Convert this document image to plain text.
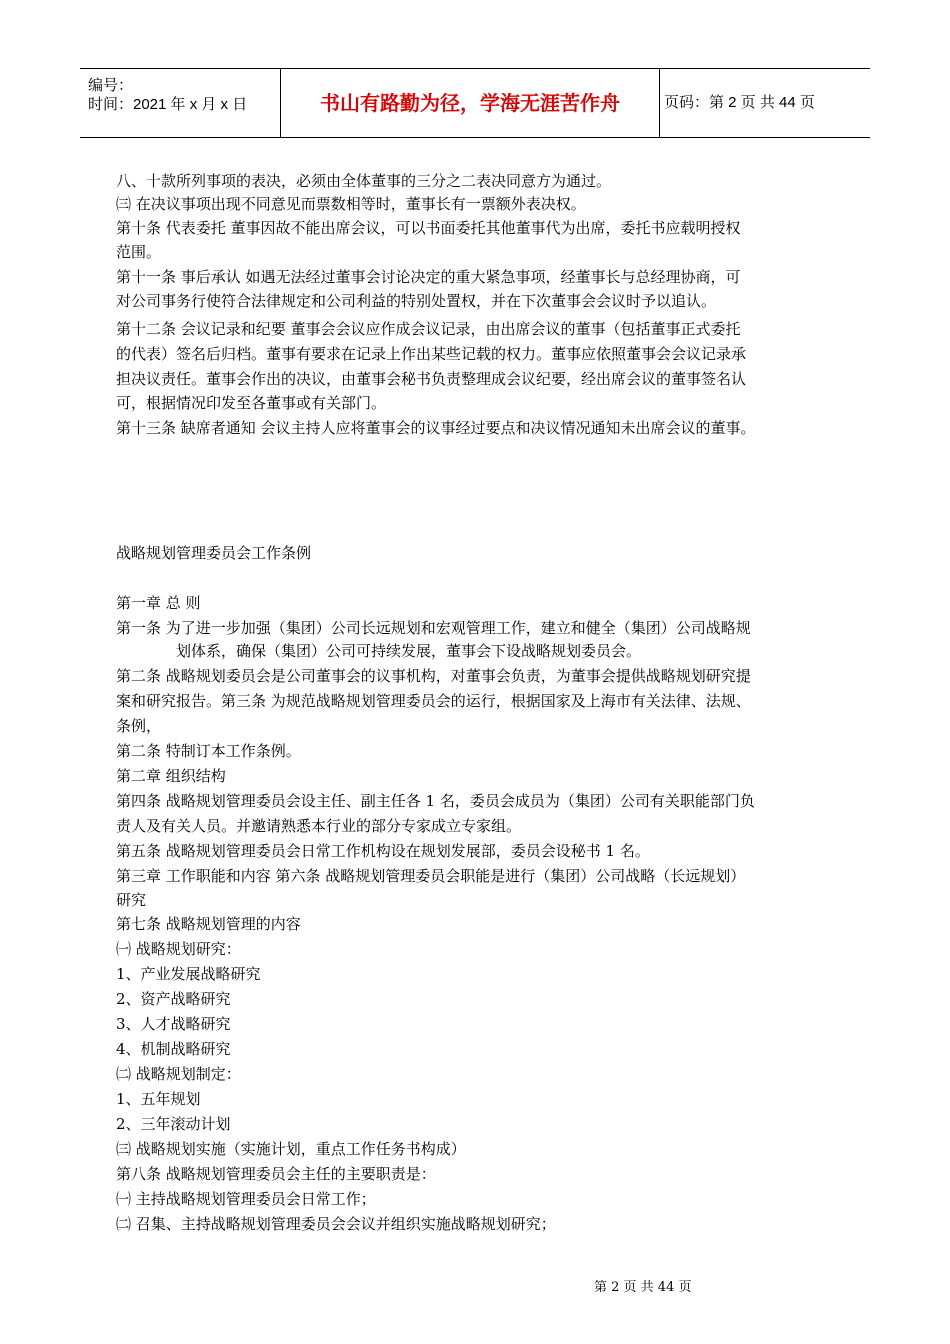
编号：
时间：2021 年 x 月 x 日	书山有路勤为径，学海无涯苦作舟	页码：第 2 页 共 44 页
八、十款所列事项的表决，必须由全体董事的三分之二表决同意方为通过。
㈢ 在决议事项出现不同意见而票数相等时，董事长有一票额外表决权。
第十条 代表委托 董事因故不能出席会议，可以书面委托其他董事代为出席，委托书应载明授权
范围。
第十一条 事后承认 如遇无法经过董事会讨论决定的重大紧急事项，经董事长与总经理协商，可
对公司事务行使符合法律规定和公司利益的特别处置权，并在下次董事会会议时予以追认。
第十二条 会议记录和纪要 董事会会议应作成会议记录，由出席会议的董事（包括董事正式委托
的代表）签名后归档。董事有要求在记录上作出某些记载的权力。董事应依照董事会会议记录承
担决议责任。董事会作出的决议，由董事会秘书负责整理成会议纪要，经出席会议的董事签名认
可，根据情况印发至各董事或有关部门。
第十三条 缺席者通知 会议主持人应将董事会的议事经过要点和决议情况通知未出席会议的董事。
战略规划管理委员会工作条例
第一章 总 则
第一条 为了进一步加强（集团）公司长远规划和宏观管理工作，建立和健全（集团）公司战略规
划体系，确保（集团）公司可持续发展，董事会下设战略规划委员会。
第二条 战略规划委员会是公司董事会的议事机构，对董事会负责，为董事会提供战略规划研究提
案和研究报告。第三条 为规范战略规划管理委员会的运行，根据国家及上海市有关法律、法规、
条例，
第二条 特制订本工作条例。
第二章 组织结构
第四条 战略规划管理委员会设主任、副主任各 1 名，委员会成员为（集团）公司有关职能部门负
责人及有关人员。并邀请熟悉本行业的部分专家成立专家组。
第五条 战略规划管理委员会日常工作机构设在规划发展部，委员会设秘书 1 名。
第三章 工作职能和内容 第六条 战略规划管理委员会职能是进行（集团）公司战略（长远规划）
研究
第七条 战略规划管理的内容
㈠ 战略规划研究：
1、产业发展战略研究
2、资产战略研究
3、人才战略研究
4、机制战略研究
㈡ 战略规划制定：
1、五年规划
2、三年滚动计划
㈢ 战略规划实施（实施计划，重点工作任务书构成）
第八条 战略规划管理委员会主任的主要职责是：
㈠ 主持战略规划管理委员会日常工作；
㈡ 召集、主持战略规划管理委员会会议并组织实施战略规划研究；
第 2 页 共 44 页
